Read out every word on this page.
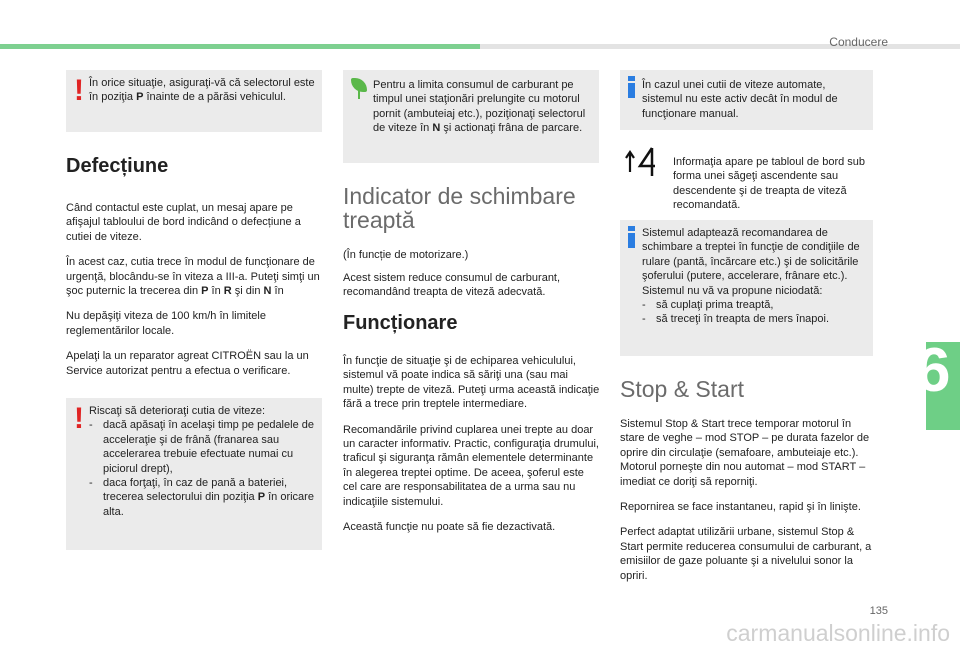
Conducere
! În orice situaţie, asiguraţi-vă că selectorul este în poziţia P înainte de a părăsi vehiculul.

Defecțiune

Când contactul este cuplat, un mesaj apare pe afişajul tabloului de bord indicând o defecțiune a cutiei de viteze.

În acest caz, cutia trece în modul de funcţionare de urgenţă, blocându-se în viteza a III-a. Puteţi simţi un şoc puternic la trecerea din P în R şi din N în

Nu depăşiţi viteza de 100 km/h în limitele reglementărilor locale.

Apelaţi la un reparator agreat CITROËN sau la un Service autorizat pentru a efectua o verificare.

! Riscaţi să deterioraţi cutia de viteze:

- dacă apăsaţi în acelaşi timp pe pedalele de acceleraţie şi de frână (franarea sau accelerarea trebuie efectuate numai cu piciorul drept),
- daca forţaţi, în caz de pană a bateriei, trecerea selectorului din poziţia P în oricare alta.

Pentru a limita consumul de carburant pe timpul unei staţionări prelungite cu motorul pornit (ambuteiaj etc.), poziţionaţi selectorul de viteze în N şi actionaţi frâna de parcare.

Indicator de schimbare treaptă

(În funcție de motorizare.)

Acest sistem reduce consumul de carburant, recomandând treapta de viteză adecvată.

Funcționare

În funcţie de situaţie şi de echiparea vehiculului, sistemul vă poate indica să săriţi una (sau mai multe) trepte de viteză. Puteţi urma această indicaţie fără a trece prin treptele intermediare.

Recomandările privind cuplarea unei trepte au doar un caracter informativ. Practic, configuraţia drumului, traficul şi siguranţa rămân elementele determinante în alegerea treptei optime. De aceea, şoferul este cel care are responsabilitatea de a urma sau nu indicaţiile sistemului.

Această funcţie nu poate să fie dezactivată.

În cazul unei cutii de viteze automate, sistemul nu este activ decât în modul de funcţionare manual.

Informaţia apare pe tabloul de bord sub forma unei săgeţi ascendente sau descendente şi de treapta de viteză recomandată.

Sistemul adaptează recomandarea de schimbare a treptei în funcţie de condiţiile de rulare (pantă, încărcare etc.) şi de solicitările şoferului (putere, accelerare, frânare etc.).

Sistemul nu vă va propune niciodată:

- să cuplaţi prima treaptă,
- să treceţi în treapta de mers înapoi.
Stop & Start

Sistemul Stop & Start trece temporar motorul în stare de veghe – mod STOP – pe durata fazelor de oprire din circulaţie (semafoare, ambuteiaje etc.). Motorul porneşte din nou automat – mod START – imediat ce doriţi să reporniţi.

Repornirea se face instantaneu, rapid şi în linişte.

Perfect adaptat utilizării urbane, sistemul Stop & Start permite reducerea consumului de carburant, a emisiilor de gaze poluante şi a nivelului sonor la opriri.

6
135
carmanualsonline.info
